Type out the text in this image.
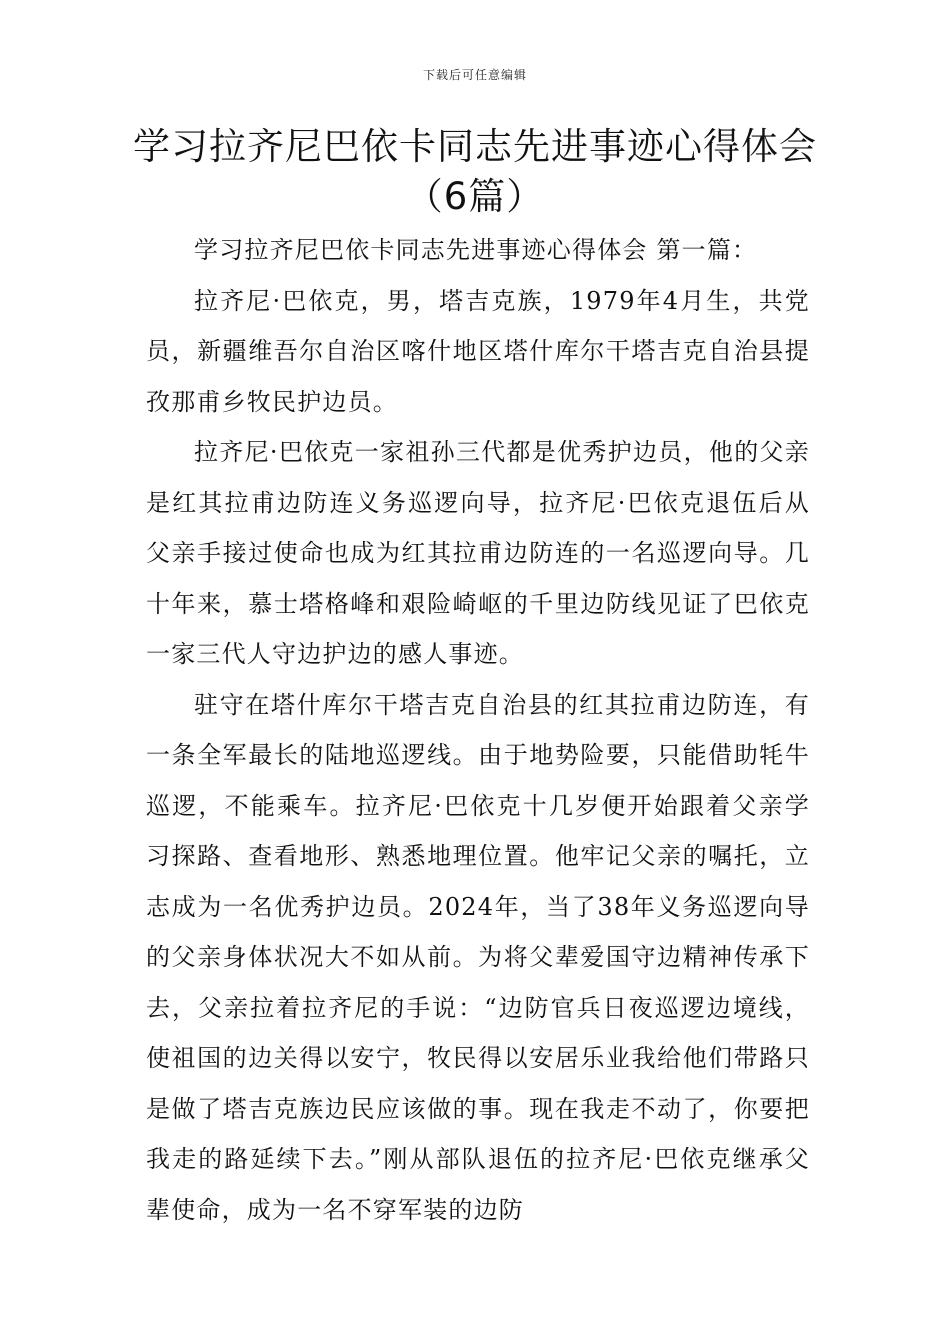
下载后可任意编辑
学习拉齐尼巴依卡同志先进事迹心得体会
（6篇）

学习拉齐尼巴依卡同志先进事迹心得体会 第一篇：

拉齐尼·巴依克，男，塔吉克族，1979年4月生，共党员，新疆维吾尔自治区喀什地区塔什库尔干塔吉克自治县提孜那甫乡牧民护边员。

拉齐尼·巴依克一家祖孙三代都是优秀护边员，他的父亲是红其拉甫边防连义务巡逻向导，拉齐尼·巴依克退伍后从父亲手接过使命也成为红其拉甫边防连的一名巡逻向导。几十年来，慕士塔格峰和艰险崎岖的千里边防线见证了巴依克一家三代人守边护边的感人事迹。

驻守在塔什库尔干塔吉克自治县的红其拉甫边防连，有一条全军最长的陆地巡逻线。由于地势险要，只能借助牦牛巡逻，不能乘车。拉齐尼·巴依克十几岁便开始跟着父亲学习探路、查看地形、熟悉地理位置。他牢记父亲的嘱托，立志成为一名优秀护边员。2024年，当了38年义务巡逻向导的父亲身体状况大不如从前。为将父辈爱国守边精神传承下去，父亲拉着拉齐尼的手说：“边防官兵日夜巡逻边境线，使祖国的边关得以安宁，牧民得以安居乐业我给他们带路只是做了塔吉克族边民应该做的事。现在我走不动了，你要把我走的路延续下去。”刚从部队退伍的拉齐尼·巴依克继承父辈使命，成为一名不穿军装的边防
